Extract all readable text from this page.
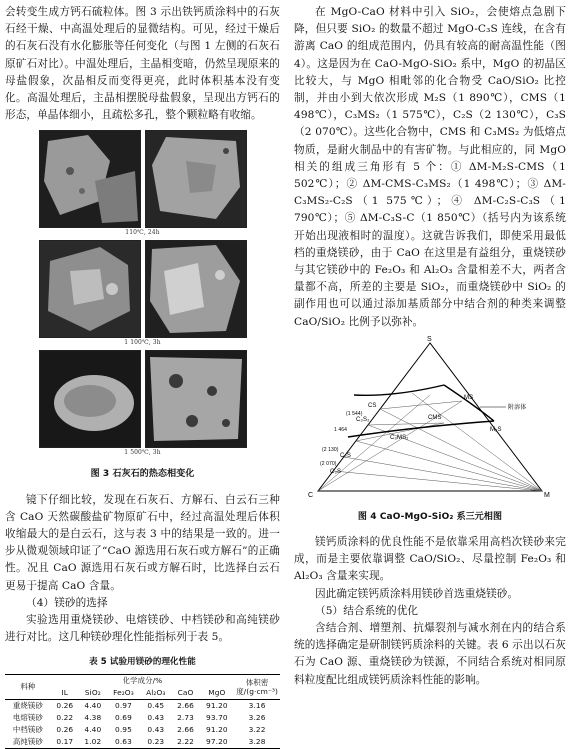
会转变生成方钙石硫粒体。图 3 示出铁钙质涂料中的石灰石经干燥、中高温处理后的显微结构。可见，经过干燥后的石灰石没有水化膨胀等任何变化（与图 1 左侧的石灰石原矿石对比）。中温处理后，主晶相变暗，仍然呈现原来的母盐假象，次晶相反而变得更亮，此时体积基本没有变化。高温处理后，主晶相摆脱母盐假象，呈现出方钙石的形态，单晶体细小，且疏松多孔，整个颗粒略有收缩。

110℃, 24h
1 100℃, 3h
1 500℃, 3h
图 3 石灰石的热态相变化

镜下仔细比较，发现在石灰石、方解石、白云石三种含 CaO 天然碳酸盐矿物原矿石中，经过高温处理后体积收缩最大的是白云石，这与表 3 中的结果是一致的。进一步从微观领域印证了“CaO 源选用石灰石或方解石”的正确性。况且 CaO 源选用石灰石或方解石时，比选择白云石更易于提高 CaO 含量。

（4）镁砂的选择

实验选用重烧镁砂、电熔镁砂、中档镁砂和高纯镁砂进行对比。这几种镁砂理化性能指标列于表 5。

表 5 试验用镁砂的理化性能
料种	化学成分/%						体积密度/(g·cm⁻³)
	IL	SiO₂	Fe₂O₃	Al₂O₃	CaO	MgO	
重烧镁砂	0.26	4.40	0.97	0.45	2.66	91.20	3.16
电熔镁砂	0.22	4.38	0.69	0.43	2.73	93.70	3.26
中档镁砂	0.26	4.40	0.95	0.43	2.66	91.20	3.22
高纯镁砂	0.17	1.02	0.63	0.23	2.22	97.20	3.28

在 MgO-CaO 材料中引入 SiO₂，会使熔点急剧下降，但只要 SiO₂ 的数量不超过 MgO-C₃S 连线，在含有游离 CaO 的组成范围内，仍具有较高的耐高温性能（图 4）。这是因为在 CaO-MgO-SiO₂ 系中，MgO 的初晶区比较大，与 MgO 相毗邻的化合物受 CaO/SiO₂ 比控制，并由小到大依次形成 M₂S（1 890℃），CMS（1 498℃），C₃MS₂（1 575℃），C₂S（2 130℃），C₃S（2 070℃）。这些化合物中，CMS 和 C₃MS₂ 为低熔点物质，是耐火制品中的有害矿物。与此相应的，同 MgO 相关的组成三角形有 5 个：① ΔM-M₂S-CMS（1 502℃）；② ΔM-CMS-C₃MS₂（1 498℃）；③ ΔM-C₃MS₂-C₂S（1 575℃）；④ ΔM-C₂S-C₃S（1 790℃）；⑤ ΔM-C₃S-C（1 850℃）（括号内为该系统开始出现液相时的温度）。这就告诉我们，即使采用最低档的重烧镁砂，由于 CaO 在这里是有益组分，重烧镁砂与其它镁砂中的 Fe₂O₃ 和 Al₂O₃ 含量相差不大，两者含量都不高，所差的主要是 SiO₂，而重烧镁砂中 SiO₂ 的副作用也可以通过添加基质部分中结合剂的种类来调整 CaO/SiO₂ 比例予以弥补。

S
C	M
MS
M₂S
CS
C₃S₂
C₂S
C₃S
CMS
C₃MS₂
(1 544)
1 464
(2 130)
(2 070)
附溶体
图 4 CaO-MgO-SiO₂ 系三元相图

镁钙质涂料的优良性能不是依靠采用高档次镁砂来完成，而是主要依靠调整 CaO/SiO₂、尽量控制 Fe₂O₃ 和 Al₂O₃ 含量来实现。

因此确定镁钙质涂料用镁砂首选重烧镁砂。

（5）结合系统的优化

含结合剂、增塑剂、抗爆裂剂与减水剂在内的结合系统的选择确定是研制镁钙质涂料的关键。表 6 示出以石灰石为 CaO 源、重烧镁砂为镁源，不同结合系统对相同原料粒度配比组成镁钙质涂料性能的影响。
